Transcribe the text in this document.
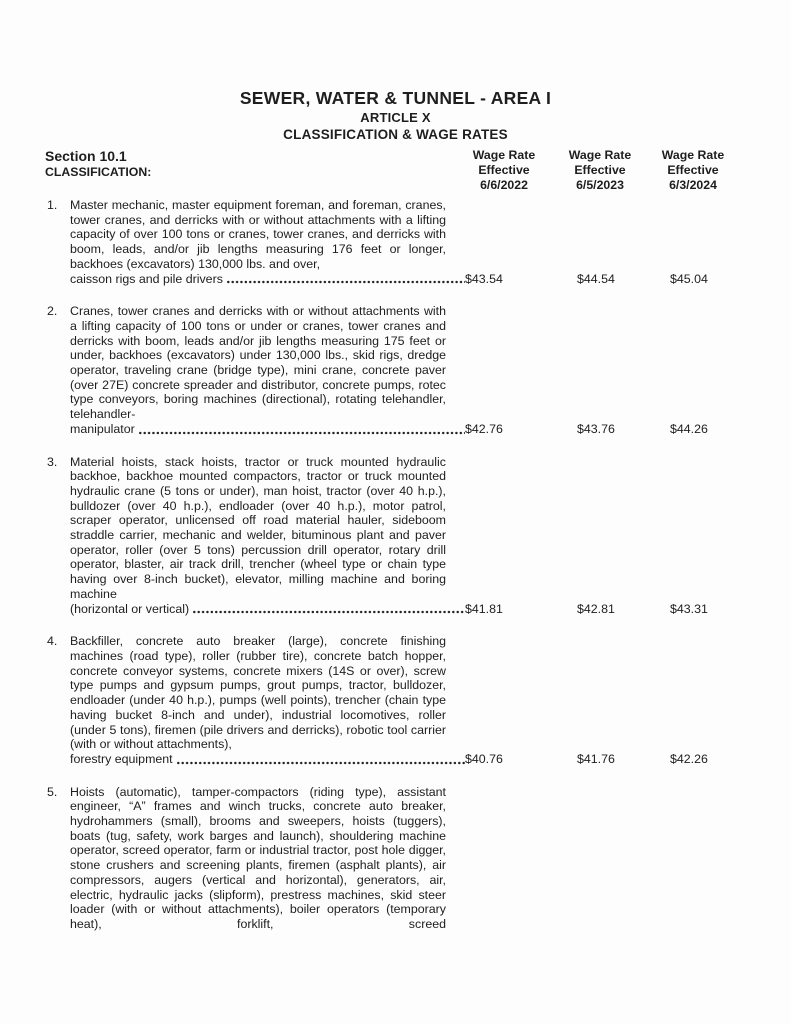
SEWER, WATER & TUNNEL - AREA I
ARTICLE X
CLASSIFICATION & WAGE RATES
Section 10.1
CLASSIFICATION:
Wage Rate
Effective
6/6/2022
Wage Rate
Effective
6/5/2023
Wage Rate
Effective
6/3/2024
1. Master mechanic, master equipment foreman, and foreman, cranes, tower cranes, and derricks with or without attachments with a lifting capacity of over 100 tons or cranes, tower cranes, and derricks with boom, leads, and/or jib lengths measuring 176 feet or longer, backhoes (excavators) 130,000 lbs. and over,
caisson rigs and pile drivers	$43.54	$44.54	$45.04
2. Cranes, tower cranes and derricks with or without attachments with a lifting capacity of 100 tons or under or cranes, tower cranes and derricks with boom, leads and/or jib lengths measuring 175 feet or under, backhoes (excavators) under 130,000 lbs., skid rigs, dredge operator, traveling crane (bridge type), mini crane, concrete paver (over 27E) concrete spreader and distributor, concrete pumps, rotec type conveyors, boring machines (directional), rotating telehandler, telehandler-
manipulator	$42.76	$43.76	$44.26
3. Material hoists, stack hoists, tractor or truck mounted hydraulic backhoe, backhoe mounted compactors, tractor or truck mounted hydraulic crane (5 tons or under), man hoist, tractor (over 40 h.p.), bulldozer (over 40 h.p.), endloader (over 40 h.p.), motor patrol, scraper operator, unlicensed off road material hauler, sideboom straddle carrier, mechanic and welder, bituminous plant and paver operator, roller (over 5 tons) percussion drill operator, rotary drill operator, blaster, air track drill, trencher (wheel type or chain type having over 8-inch bucket), elevator, milling machine and boring machine
(horizontal or vertical)	$41.81	$42.81	$43.31
4. Backfiller, concrete auto breaker (large), concrete finishing machines (road type), roller (rubber tire), concrete batch hopper, concrete conveyor systems, concrete mixers (14S or over), screw type pumps and gypsum pumps, grout pumps, tractor, bulldozer, endloader (under 40 h.p.), pumps (well points), trencher (chain type having bucket 8-inch and under), industrial locomotives, roller (under 5 tons), firemen (pile drivers and derricks), robotic tool carrier (with or without attachments),
forestry equipment	$40.76	$41.76	$42.26
5. Hoists (automatic), tamper-compactors (riding type), assistant engineer, “A” frames and winch trucks, concrete auto breaker, hydrohammers (small), brooms and sweepers, hoists (tuggers), boats (tug, safety, work barges and launch), shouldering machine operator, screed operator, farm or industrial tractor, post hole digger, stone crushers and screening plants, firemen (asphalt plants), air compressors, augers (vertical and horizontal), generators, air, electric, hydraulic jacks (slipform), prestress machines, skid steer loader (with or without attachments), boiler operators (temporary heat), forklift, screed
